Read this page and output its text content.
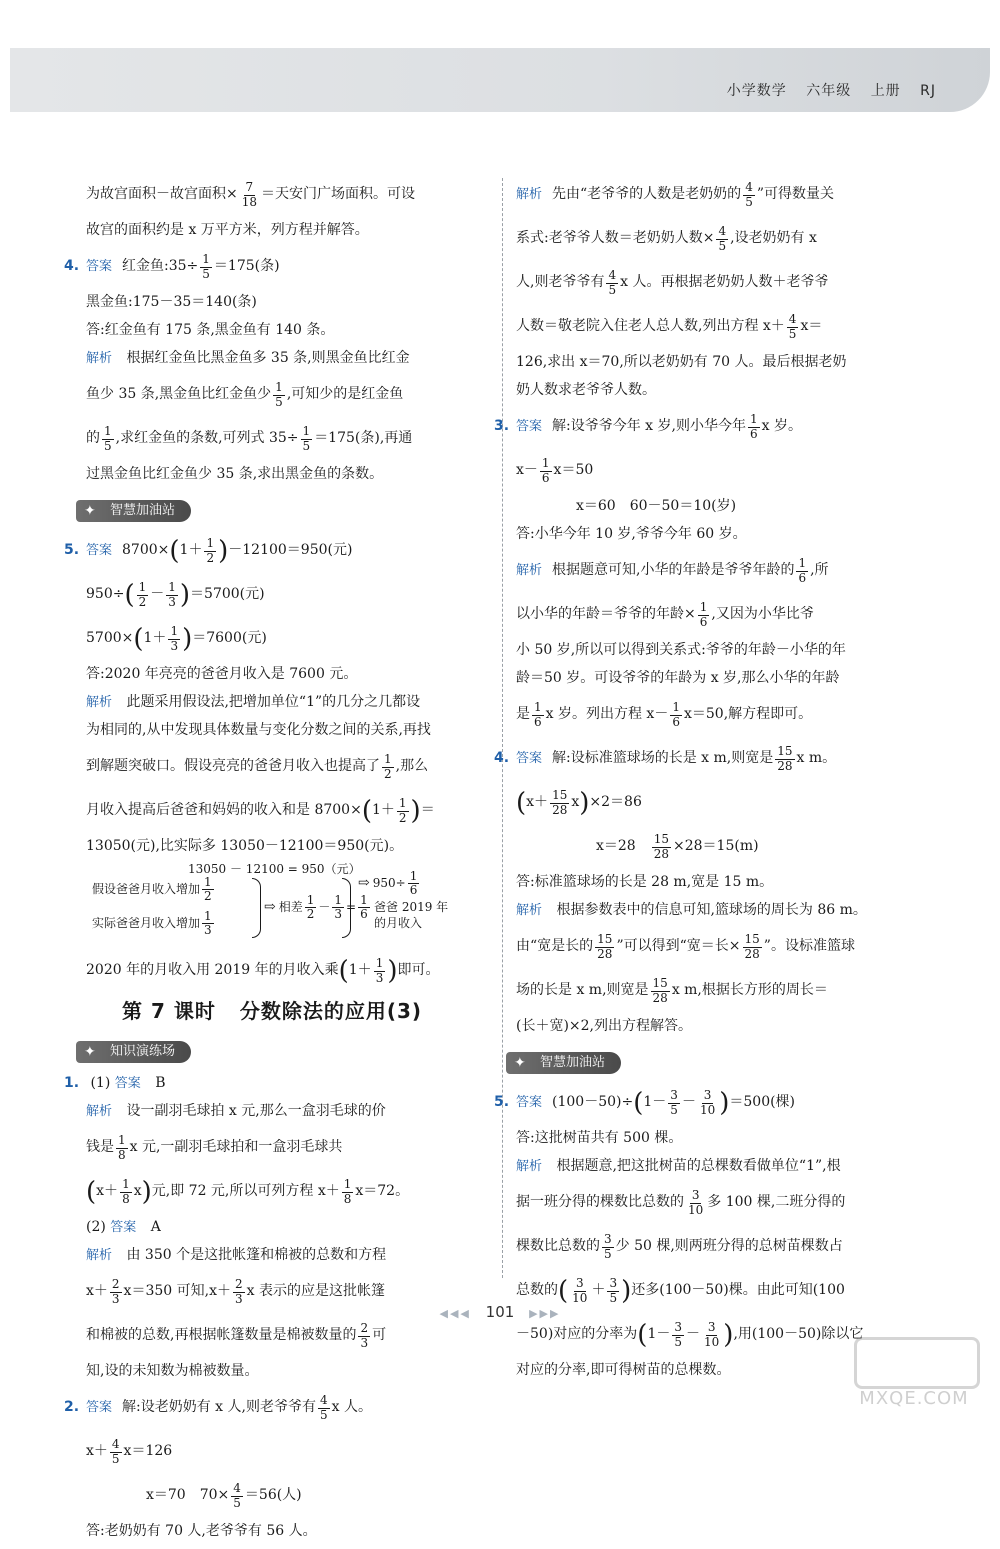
小学数学 六年级 上册 RJ

为故宫面积－故宫面积× $\frac{7}{18}$ ＝天安门广场面积。可设

故宫的面积约是 x 万平方米，列方程并解答。

4. 答案 红金鱼:35÷ $\frac{1}{5} =175$(条)

黑金鱼:175－35＝140(条)

答:红金鱼有 175 条,黑金鱼有 140 条。

解析 根据红金鱼比黑金鱼多 35 条,则黑金鱼比红金

鱼少 35 条,黑金鱼比红金鱼少 $\frac{1}{5}$ ,可知少的是红金鱼

的 $\frac{1}{5}$ ,求红金鱼的条数,可列式 $35\div \frac{1}{5} =175$(条),再通

过黑金鱼比红金鱼少 35 条,求出黑金鱼的条数。

✦ 智慧加油站

5. 答案 8700× ( $1+ \frac{1}{2}$ ) －12100＝950(元)

950÷ ( $\frac{1}{2} - \frac{1}{3}$ ) ＝5700(元)

5700× ( $1+ \frac{1}{3}$ ) ＝7600(元)

答:2020 年亮亮的爸爸月收入是 7600 元。

解析 此题采用假设法,把增加单位“1”的几分之几都设

为相同的,从中发现具体数量与变化分数之间的关系,再找

到解题突破口。假设亮亮的爸爸月收入也提高了 $\frac{1}{2}$ ,那么

月收入提高后爸爸和妈妈的收入和是 8700× ( $1+ \frac{1}{2}$ ) ＝

13050(元),比实际多 13050－12100＝950(元)。

13050 － 12100 = 950（元）
假设爸爸月收入增加 $\frac{1}{2}$
实际爸爸月收入增加 $\frac{1}{3}$
⇨ 相差 $\frac{1}{2} - \frac{1}{3} = \frac{1}{6}$
⇨ $950\div \frac{1}{6}$
爸爸 2019 年
的月收入

2020 年的月收入用 2019 年的月收入乘 ( $1+ \frac{1}{3}$ ) 即可。

第 7 课时 分数除法的应用(3)
✦ 知识演练场

1. (1) 答案 B

解析 设一副羽毛球拍 x 元,那么一盒羽毛球的价

钱是 $\frac{1}{8}$ x 元,一副羽毛球拍和一盒羽毛球共

( $x+ \frac{1}{8}$ x ) 元,即 72 元,所以可列方程 $x+ \frac{1}{8} x=72$。

(2) 答案 A

解析 由 350 个是这批帐篷和棉被的总数和方程

$x+ \frac{2}{3} x=350$ 可知$,x+ \frac{2}{3}$ x 表示的应是这批帐篷

和棉被的总数,再根据帐篷数量是棉被数量的 $\frac{2}{3}$ 可

知,设的未知数为棉被数量。

2. 答案 解:设老奶奶有 x 人,则老爷爷有 $\frac{4}{5}$ x 人。

$x+ \frac{4}{5} x=126$

x＝70　$70\times \frac{4}{5} =56$(人)

答:老奶奶有 70 人,老爷爷有 56 人。

解析 先由“老爷爷的人数是老奶奶的 $\frac{4}{5}$ ”可得数量关

系式:老爷爷人数＝老奶奶人数× $\frac{4}{5}$ ,设老奶奶有 x

人,则老爷爷有 $\frac{4}{5}$ x 人。再根据老奶奶人数＋老爷爷

人数＝敬老院入住老人总人数,列出方程 $x+ \frac{4}{5} x=$

126,求出 x＝70,所以老奶奶有 70 人。最后根据老奶

奶人数求老爷爷人数。

3. 答案 解:设爷爷今年 x 岁,则小华今年 $\frac{1}{6}$ x 岁。

$x- \frac{1}{6} x=50$

x＝60　60－50＝10(岁)

答:小华今年 10 岁,爷爷今年 60 岁。

解析 根据题意可知,小华的年龄是爷爷年龄的 $\frac{1}{6}$ ,所

以小华的年龄＝爷爷的年龄× $\frac{1}{6}$ ,又因为小华比爷

小 50 岁,所以可以得到关系式:爷爷的年龄－小华的年

龄＝50 岁。可设爷爷的年龄为 x 岁,那么小华的年龄

是 $\frac{1}{6}$ x 岁。列出方程 $x- \frac{1}{6} x=50$,解方程即可。

4. 答案 解:设标准篮球场的长是 x m,则宽是 $\frac{15}{28}$ x m。

( $x+ \frac{15}{28}$ x ) ×2＝86

x＝28　 $\frac{15}{28} \times 28=15(m)$

答:标准篮球场的长是 28 m,宽是 15 m。

解析 根据参数表中的信息可知,篮球场的周长为 86 m。

由“宽是长的 $\frac{15}{28}$ ”可以得到“宽＝长× $\frac{15}{28}$ ”。设标准篮球

场的长是 x m,则宽是 $\frac{15}{28}$ x m,根据长方形的周长＝

(长＋宽)×2,列出方程解答。

✦ 智慧加油站

5. 答案 (100－50)÷ ( $1- \frac{3}{5} - \frac{3}{10}$ ) ＝500(棵)

答:这批树苗共有 500 棵。

解析 根据题意,把这批树苗的总棵数看做单位“1”,根

据一班分得的棵数比总数的 $\frac{3}{10}$ 多 100 棵,二班分得的

棵数比总数的 $\frac{3}{5}$ 少 50 棵,则两班分得的总树苗棵数占

总数的 ( $\frac{3}{10} + \frac{3}{5}$ ) 还多(100－50)棵。由此可知(100

－50)对应的分率为 ( $1- \frac{3}{5} - \frac{3}{10}$ ) ,用(100－50)除以它

对应的分率,即可得树苗的总棵数。

◀◀◀ 101 ▶▶▶
MXQE.COM
